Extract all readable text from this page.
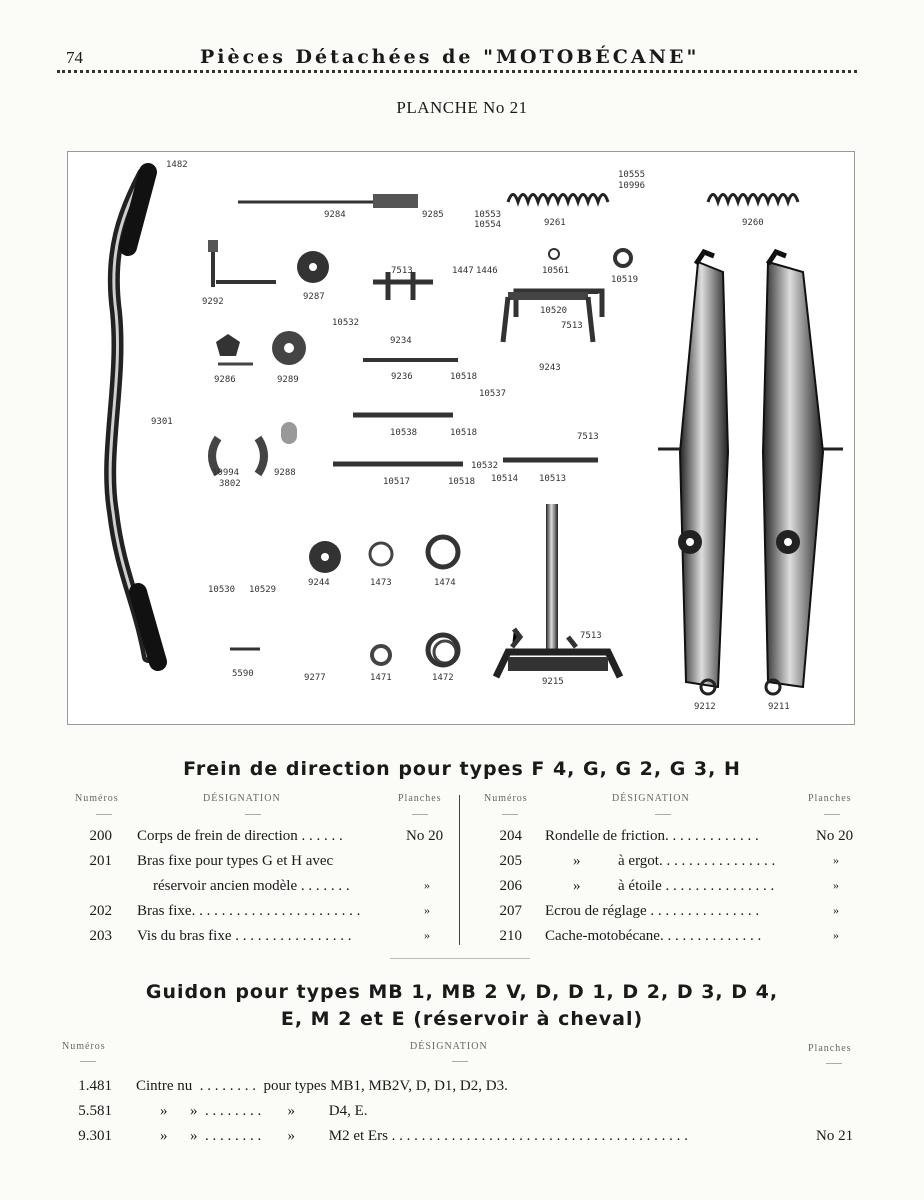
74	Pièces Détachées de "MOTOBÉCANE"
PLANCHE No 21
1482
9284	9285	10553
10554	9261
10555
10996
9260
9292	9287
7513	1447 1446	10561
10519
10532
10520
9234
7513
9286	9289	9236	10518
9243
10537
9301
10538	10518	7513
10994
3802
9288
10517	10518
10532
10514 10513
10530 10529
9244	1473	1474
7513
5590	9277	1471	1472	9215
9212	9211
Frein de direction pour types F 4, G, G 2, G 3, H
Numéros	DÉSIGNATION	Planches	Numéros	DÉSIGNATION	Planches
200 Corps de frein de direction . . . . . .	No 20
201 Bras fixe pour types G et H avec
réservoir ancien modèle . . . . . . .	»
202 Bras fixe. . . . . . . . . . . . . . . . . . . . . . .	»
203 Vis du bras fixe . . . . . . . . . . . . . . . .	»
204 Rondelle de friction. . . . . . . . . . . . .	No 20
205	»          à ergot. . . . . . . . . . . . . . . .	»
206	»          à étoile . . . . . . . . . . . . . . .	»
207 Ecrou de réglage . . . . . . . . . . . . . . .	»
210 Cache-motobécane. . . . . . . . . . . . . .	»
Guidon pour types MB 1, MB 2 V, D, D 1, D 2, D 3, D 4,
E, M 2 et E (réservoir à cheval)
Numéros	DÉSIGNATION	Planches
1.481 Cintre nu  . . . . . . . .  pour types MB1, MB2V, D, D1, D2, D3.
5.581	»      »  . . . . . . . .       »         D4, E.
9.301	»      »  . . . . . . . .       »         M2 et Ers . . . . . . . . . . . . . . . . . . . . . . . . . . . . . . . . . . . . . . . .	No 21
